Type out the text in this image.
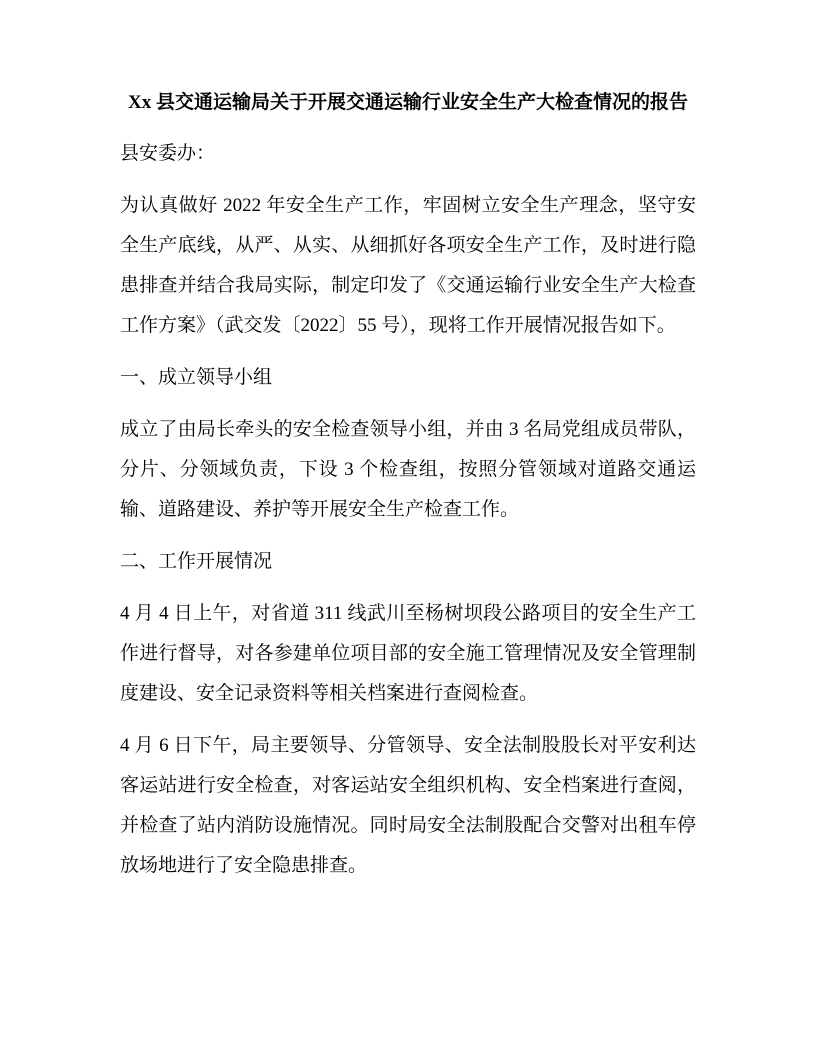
Xx 县交通运输局关于开展交通运输行业安全生产大检查情况的报告

县安委办：

为认真做好 2022 年安全生产工作，牢固树立安全生产理念，坚守安全生产底线，从严、从实、从细抓好各项安全生产工作，及时进行隐患排查并结合我局实际，制定印发了《交通运输行业安全生产大检查工作方案》（武交发〔2022〕55 号），现将工作开展情况报告如下。

一、成立领导小组

成立了由局长牵头的安全检查领导小组，并由 3 名局党组成员带队，分片、分领域负责，下设 3 个检查组，按照分管领域对道路交通运输、道路建设、养护等开展安全生产检查工作。

二、工作开展情况

4 月 4 日上午，对省道 311 线武川至杨树坝段公路项目的安全生产工作进行督导，对各参建单位项目部的安全施工管理情况及安全管理制度建设、安全记录资料等相关档案进行查阅检查。

4 月 6 日下午，局主要领导、分管领导、安全法制股股长对平安利达客运站进行安全检查，对客运站安全组织机构、安全档案进行查阅，并检查了站内消防设施情况。同时局安全法制股配合交警对出租车停放场地进行了安全隐患排查。
